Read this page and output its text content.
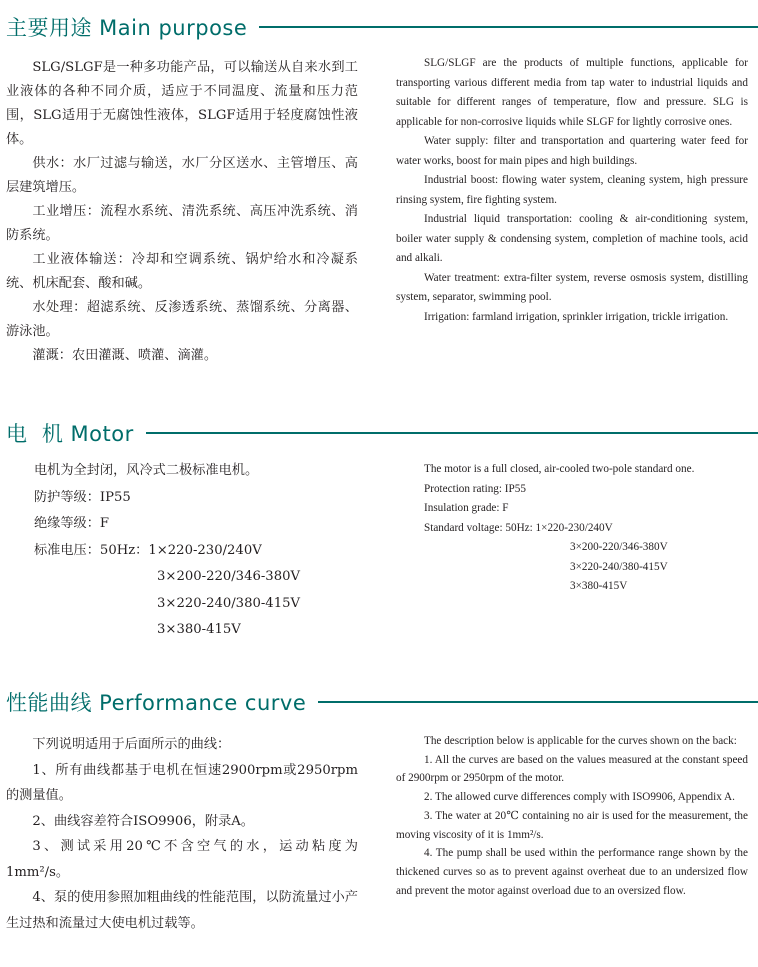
主要用途 Main purpose

SLG/SLGF是一种多功能产品，可以输送从自来水到工业液体的各种不同介质，适应于不同温度、流量和压力范围，SLG适用于无腐蚀性液体，SLGF适用于轻度腐蚀性液体。

供水：水厂过滤与输送，水厂分区送水、主管增压、高层建筑增压。

工业增压：流程水系统、清洗系统、高压冲洗系统、消防系统。

工业液体输送：冷却和空调系统、锅炉给水和冷凝系统、机床配套、酸和碱。

水处理：超滤系统、反渗透系统、蒸馏系统、分离器、游泳池。

灌溉：农田灌溉、喷灌、滴灌。

SLG/SLGF are the products of multiple functions, applicable for transporting various different media from tap water to industrial liquids and suitable for different ranges of temperature, flow and pressure. SLG is applicable for non-corrosive liquids while SLGF for lightly corrosive ones.

Water supply: filter and transportation and quartering water feed for water works, boost for main pipes and high buildings.

Industrial boost: flowing water system, cleaning system, high pressure rinsing system, fire fighting system.

Industrial liquid transportation: cooling & air-conditioning system, boiler water supply & condensing system, completion of machine tools, acid and alkali.

Water treatment: extra-filter system, reverse osmosis system, distilling system, separator, swimming pool.

Irrigation: farmland irrigation, sprinkler irrigation, trickle irrigation.

电  机 Motor
电机为全封闭，风冷式二极标准电机。
防护等级：IP55
绝缘等级：F
标准电压：50Hz：1×220-230/240V
3×200-220/346-380V
3×220-240/380-415V
3×380-415V

The motor is a full closed, air-cooled two-pole standard one.

Protection rating: IP55
Insulation grade: F
Standard voltage: 50Hz: 1×220-230/240V
3×200-220/346-380V
3×220-240/380-415V
3×380-415V
性能曲线 Performance curve

下列说明适用于后面所示的曲线：

1、所有曲线都基于电机在恒速2900rpm或2950rpm的测量值。

2、曲线容差符合ISO9906，附录A。

3、测试采用20℃不含空气的水，运动粘度为1mm²/s。

4、泵的使用参照加粗曲线的性能范围，以防流量过小产生过热和流量过大使电机过载等。

The description below is applicable for the curves shown on the back:

1. All the curves are based on the values measured at the constant speed of 2900rpm or 2950rpm of the motor.

2. The allowed curve differences comply with ISO9906, Appendix A.

3. The water at 20℃ containing no air is used for the measurement, the moving viscosity of it is 1mm²/s.

4. The pump shall be used within the performance range shown by the thickened curves so as to prevent against overheat due to an undersized flow and prevent the motor against overload due to an oversized flow.
